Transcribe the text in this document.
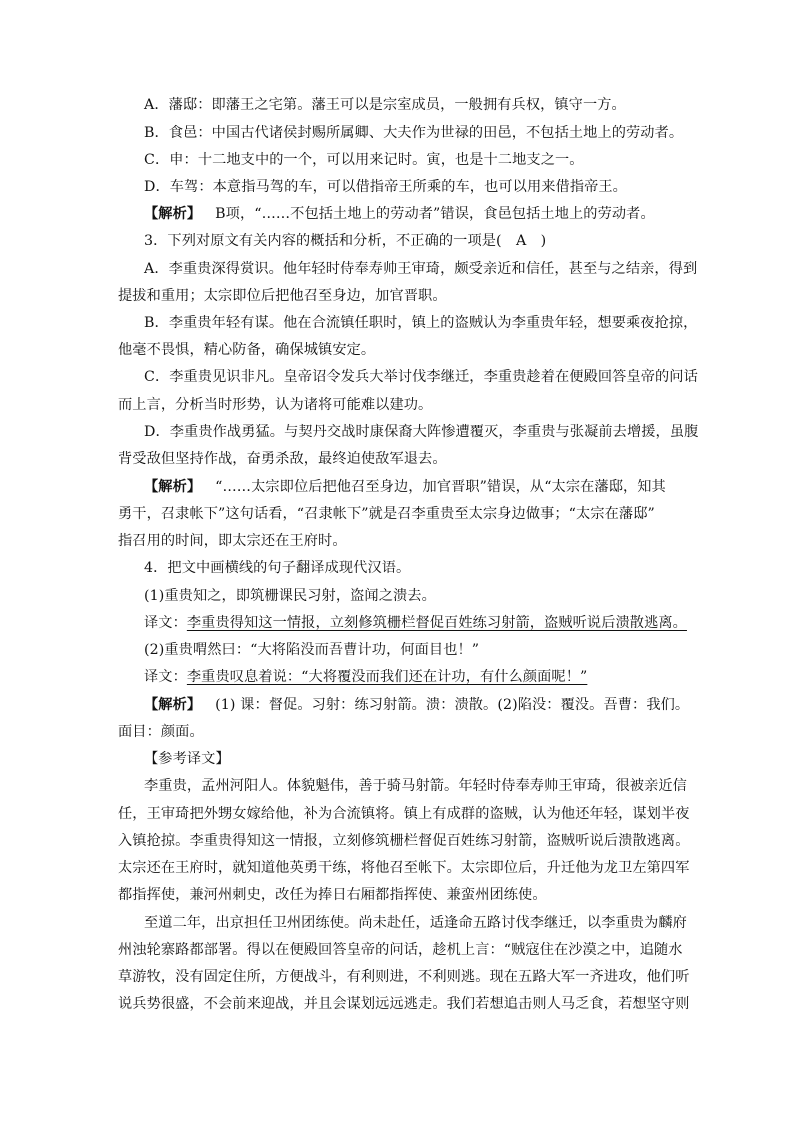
A．藩邸：即藩王之宅第。藩王可以是宗室成员，一般拥有兵权，镇守一方。
B．食邑：中国古代诸侯封赐所属卿、大夫作为世禄的田邑，不包括土地上的劳动者。
C．申：十二地支中的一个，可以用来记时。寅，也是十二地支之一。
D．车驾：本意指马驾的车，可以借指帝王所乘的车，也可以用来借指帝王。
【解析】 B项，“……不包括土地上的劳动者”错误，食邑包括土地上的劳动者。
3．下列对原文有关内容的概括和分析，不正确的一项是(　A　)
A．李重贵深得赏识。他年轻时侍奉寿帅王审琦，颇受亲近和信任，甚至与之结亲，得到
提拔和重用；太宗即位后把他召至身边，加官晋职。
B．李重贵年轻有谋。他在合流镇任职时，镇上的盗贼认为李重贵年轻，想要乘夜抢掠，
他毫不畏惧，精心防备，确保城镇安定。
C．李重贵见识非凡。皇帝诏令发兵大举讨伐李继迁，李重贵趁着在便殿回答皇帝的问话
而上言，分析当时形势，认为诸将可能难以建功。
D．李重贵作战勇猛。与契丹交战时康保裔大阵惨遭覆灭，李重贵与张凝前去增援，虽腹
背受敌但坚持作战，奋勇杀敌，最终迫使敌军退去。
【解析】 “……太宗即位后把他召至身边，加官晋职”错误，从“太宗在藩邸，知其
勇干，召隶帐下”这句话看，“召隶帐下”就是召李重贵至太宗身边做事；“太宗在藩邸”
指召用的时间，即太宗还在王府时。
4．把文中画横线的句子翻译成现代汉语。
(1)重贵知之，即筑栅课民习射，盗闻之溃去。
译文：李重贵得知这一情报，立刻修筑栅栏督促百姓练习射箭，盗贼听说后溃散逃离。
(2)重贵喟然曰：“大将陷没而吾曹计功，何面目也！”
译文：李重贵叹息着说：“大将覆没而我们还在计功，有什么颜面呢！”
【解析】 (1) 课：督促。习射：练习射箭。溃：溃散。(2)陷没：覆没。吾曹：我们。
面目：颜面。
【参考译文】
李重贵，孟州河阳人。体貌魁伟，善于骑马射箭。年轻时侍奉寿帅王审琦，很被亲近信
任，王审琦把外甥女嫁给他，补为合流镇将。镇上有成群的盗贼，认为他还年轻，谋划半夜
入镇抢掠。李重贵得知这一情报，立刻修筑栅栏督促百姓练习射箭，盗贼听说后溃散逃离。
太宗还在王府时，就知道他英勇干练，将他召至帐下。太宗即位后，升迁他为龙卫左第四军
都指挥使，兼河州刺史，改任为捧日右厢都指挥使、兼蛮州团练使。
至道二年，出京担任卫州团练使。尚未赴任，适逢命五路讨伐李继迁，以李重贵为麟府
州浊轮寨路都部署。得以在便殿回答皇帝的问话，趁机上言：“贼寇住在沙漠之中，追随水
草游牧，没有固定住所，方便战斗，有利则进，不利则逃。现在五路大军一齐进攻，他们听
说兵势很盛，不会前来迎战，并且会谋划远远逃走。我们若想追击则人马乏食，若想坚守则
